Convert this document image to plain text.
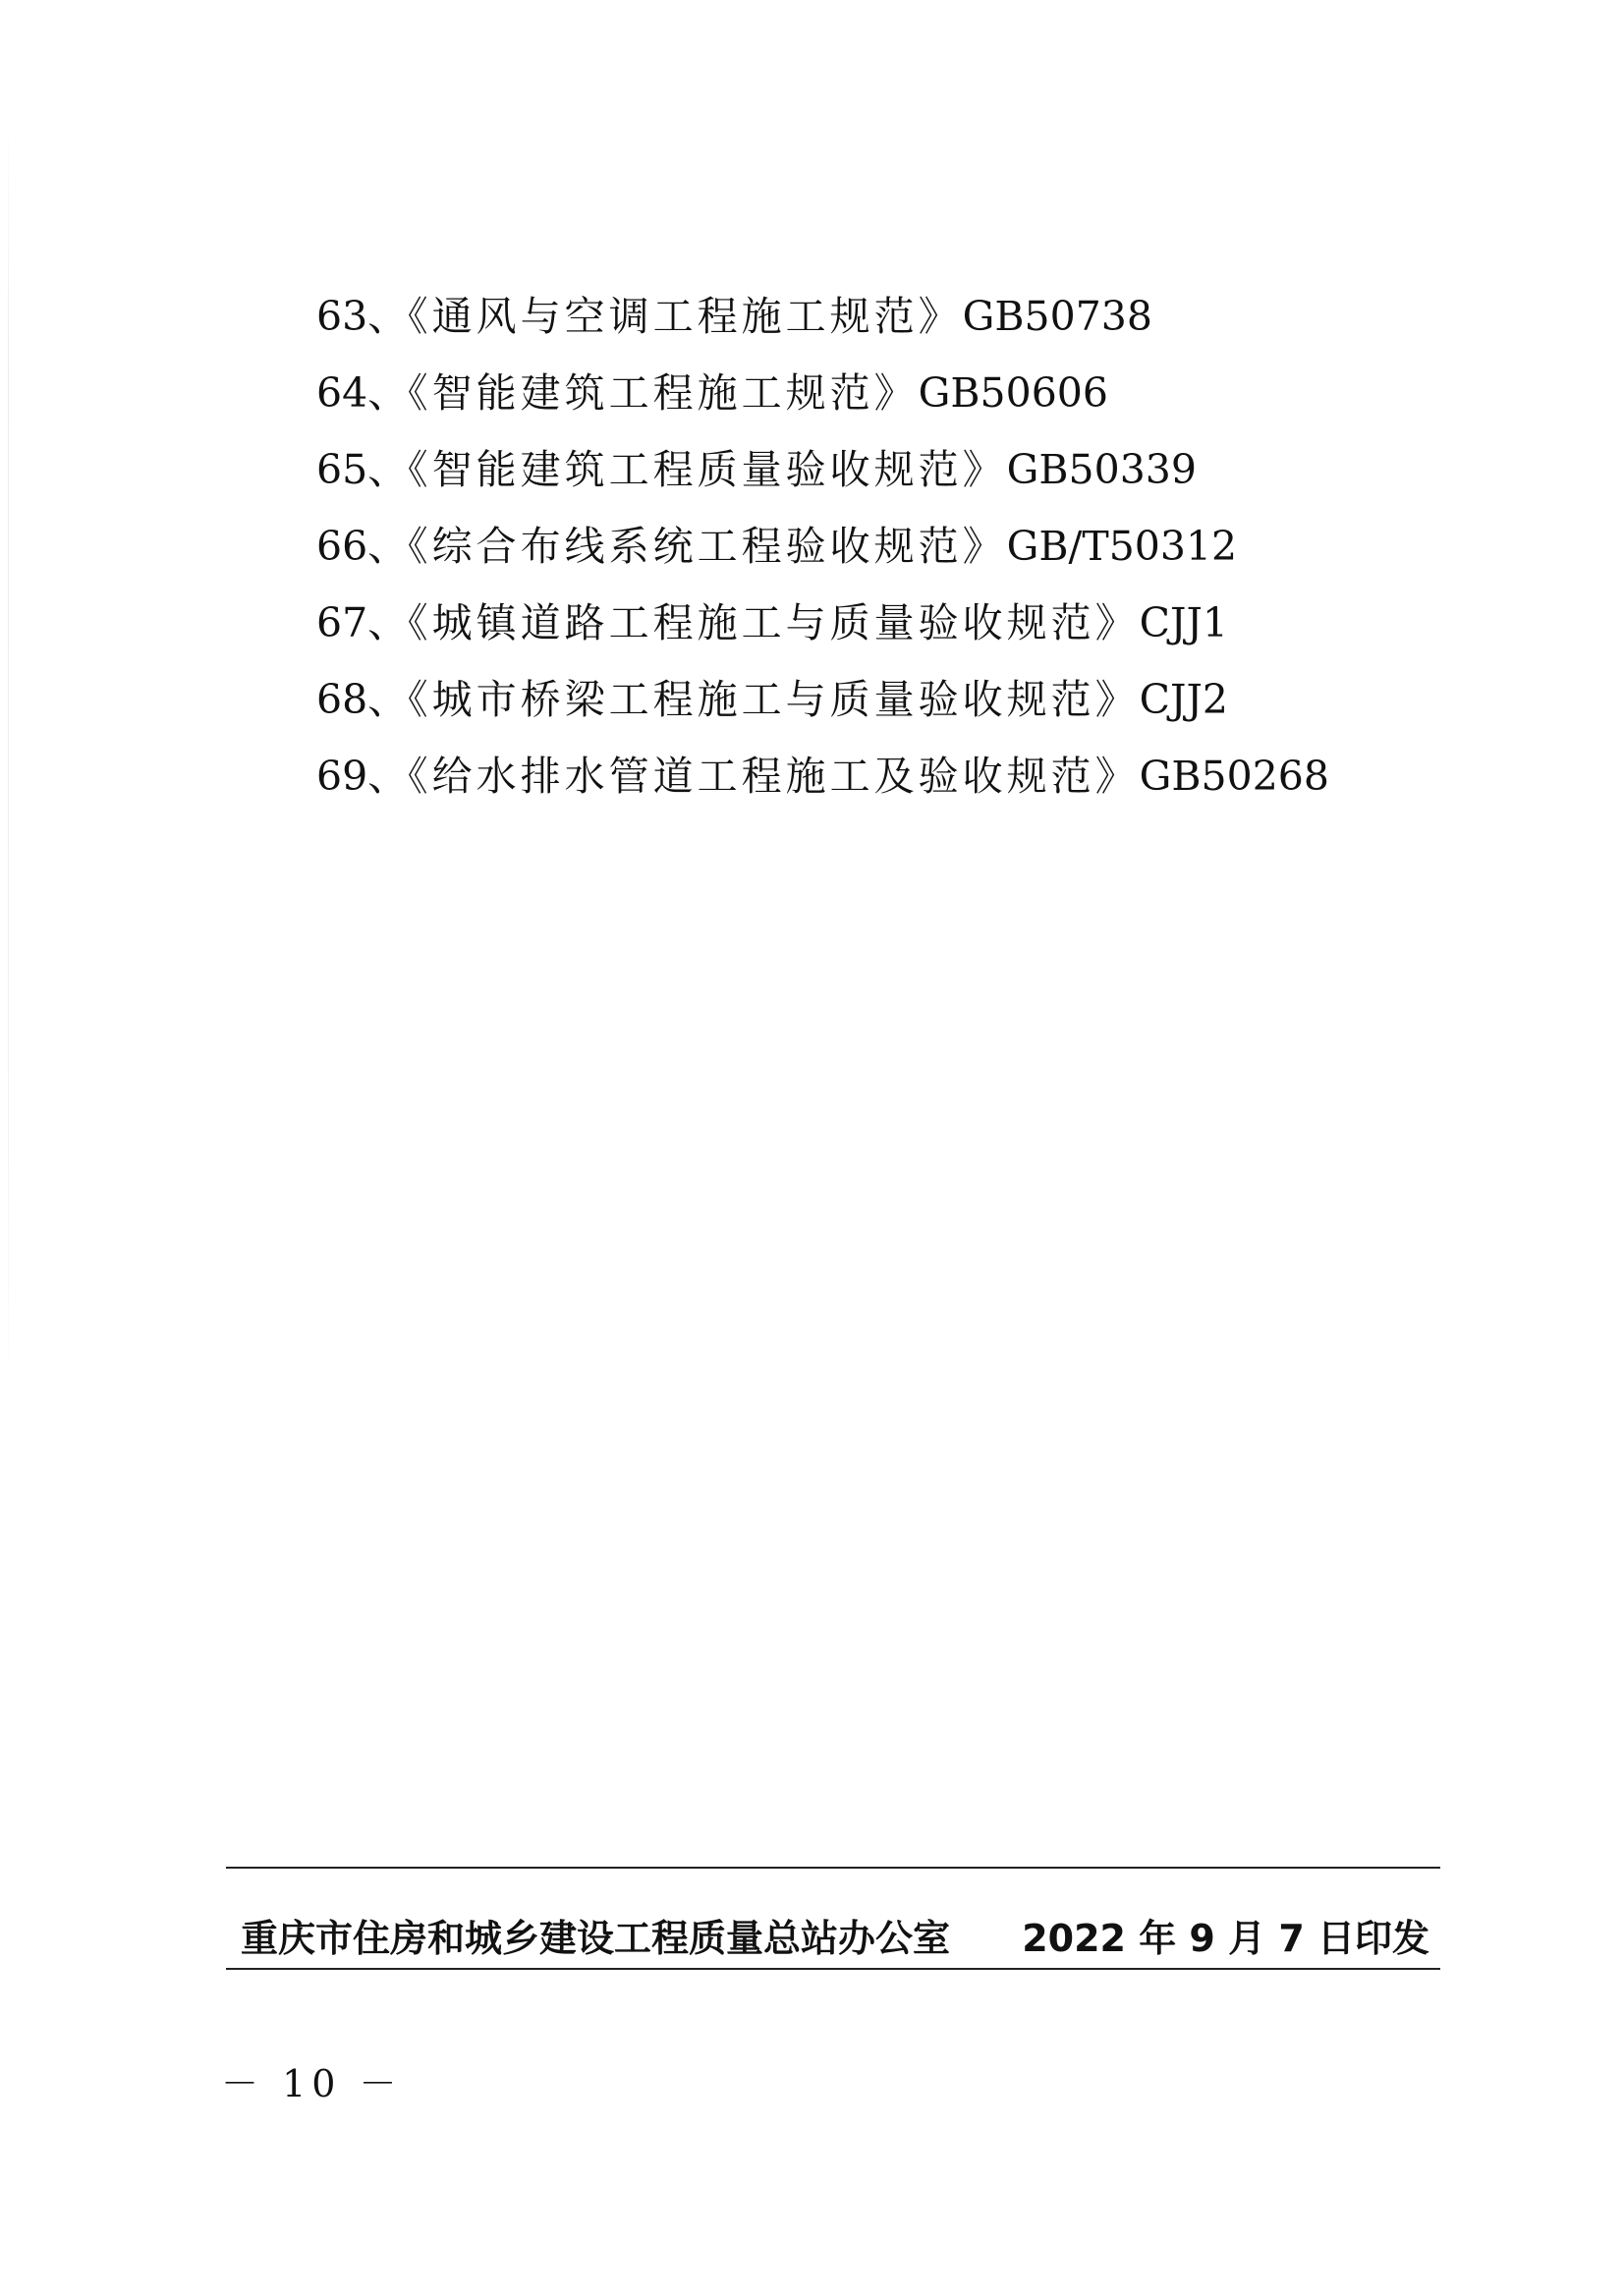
63、《通风与空调工程施工规范》GB50738
64、《智能建筑工程施工规范》GB50606
65、《智能建筑工程质量验收规范》GB50339
66、《综合布线系统工程验收规范》GB/T50312
67、《城镇道路工程施工与质量验收规范》CJJ1
68、《城市桥梁工程施工与质量验收规范》CJJ2
69、《给水排水管道工程施工及验收规范》GB50268
重庆市住房和城乡建设工程质量总站办公室 2022 年 9 月 7 日印发
－ 10 －
